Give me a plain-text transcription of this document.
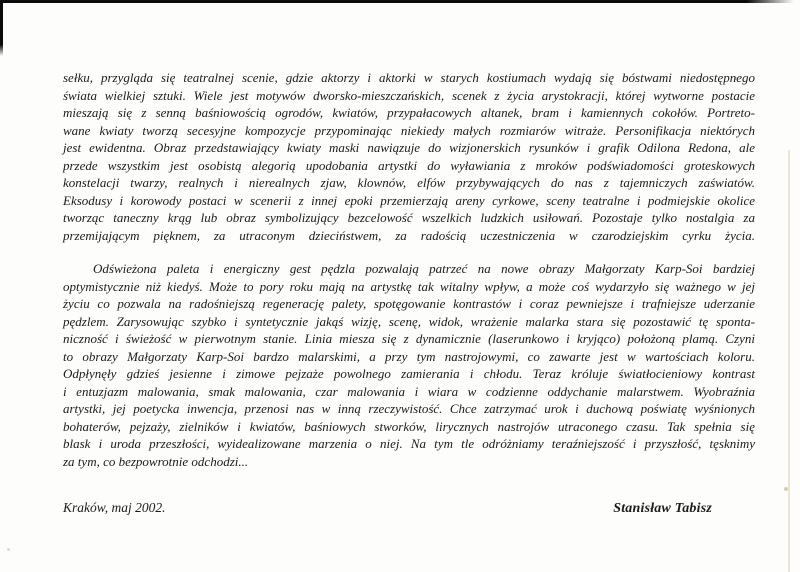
sełku, przygląda się teatralnej scenie, gdzie aktorzy i aktorki w starych kostiumach wydają się bóstwami niedostępnego
świata wielkiej sztuki. Wiele jest motywów dworsko-mieszczańskich, scenek z życia arystokracji, której wytworne postacie
mieszają się z senną baśniowością ogrodów, kwiatów, przypałacowych altanek, bram i kamiennych cokołów. Portreto-
wane kwiaty tworzą secesyjne kompozycje przypominając niekiedy małych rozmiarów witraże. Personifikacja niektórych
jest ewidentna. Obraz przedstawiający kwiaty maski nawiązuje do wizjonerskich rysunków i grafik Odilona Redona, ale
przede wszystkim jest osobistą alegorią upodobania artystki do wyławiania z mroków podświadomości groteskowych
konstelacji twarzy, realnych i nierealnych zjaw, klownów, elfów przybywających do nas z tajemniczych zaświatów.
Eksodusy i korowody postaci w scenerii z innej epoki przemierzają areny cyrkowe, sceny teatralne i podmiejskie okolice
tworząc taneczny krąg lub obraz symbolizujący bezcelowość wszelkich ludzkich usiłowań. Pozostaje tylko nostalgia za
przemijającym pięknem, za utraconym dzieciństwem, za radością uczestniczenia w czarodziejskim cyrku życia.
Odświeżona paleta i energiczny gest pędzla pozwalają patrzeć na nowe obrazy Małgorzaty Karp-Soi bardziej
optymistycznie niż kiedyś. Może to pory roku mają na artystkę tak witalny wpływ, a może coś wydarzyło się ważnego w jej
życiu co pozwala na radośniejszą regenerację palety, spotęgowanie kontrastów i coraz pewniejsze i trafniejsze uderzanie
pędzlem. Zarysowując szybko i syntetycznie jakąś wizję, scenę, widok, wrażenie malarka stara się pozostawić tę sponta-
niczność i świeżość w pierwotnym stanie. Linia miesza się z dynamicznie (laserunkowo i kryjąco) położoną plamą. Czyni
to obrazy Małgorzaty Karp-Soi bardzo malarskimi, a przy tym nastrojowymi, co zawarte jest w wartościach koloru.
Odpłynęły gdzieś jesienne i zimowe pejzaże powolnego zamierania i chłodu. Teraz króluje światłocieniowy kontrast
i entuzjazm malowania, smak malowania, czar malowania i wiara w codzienne oddychanie malarstwem. Wyobraźnia
artystki, jej poetycka inwencja, przenosi nas w inną rzeczywistość. Chce zatrzymać urok i duchową poświatę wyśnionych
bohaterów, pejzaży, zielników i kwiatów, baśniowych stworków, lirycznych nastrojów utraconego czasu. Tak spełnia się
blask i uroda przeszłości, wyidealizowane marzenia o niej. Na tym tle odróżniamy teraźniejszość i przyszłość, tęsknimy
za tym, co bezpowrotnie odchodzi...
Kraków, maj 2002.	Stanisław Tabisz
